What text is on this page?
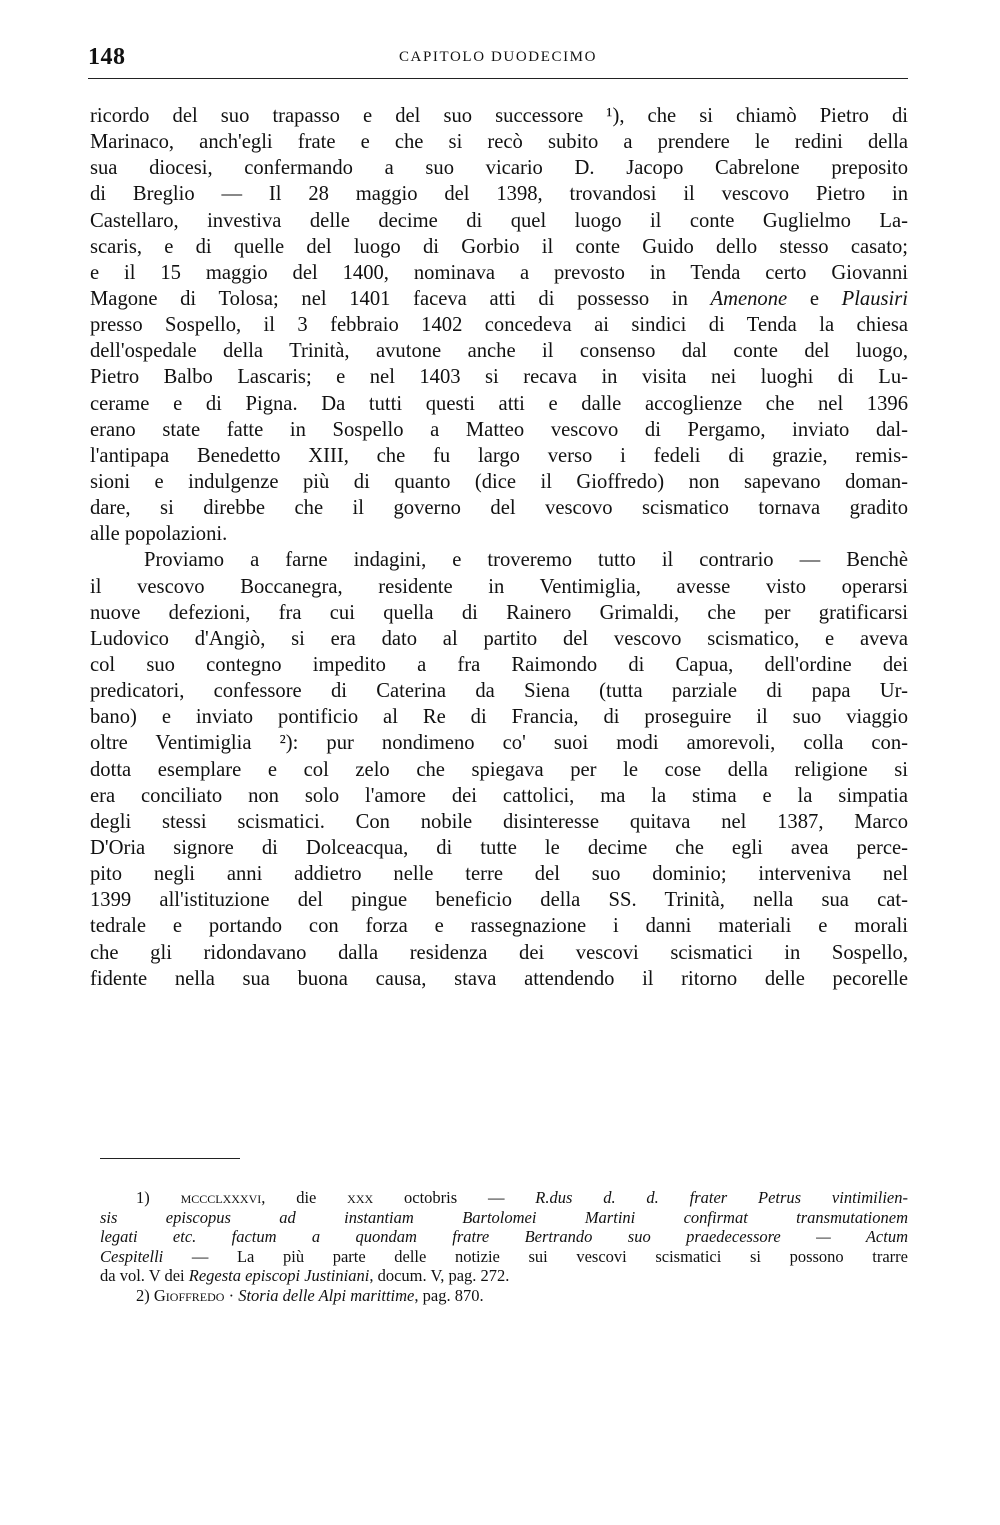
148	CAPITOLO DUODECIMO
ricordo del suo trapasso e del suo successore ¹), che si chiamò Pietro di
Marinaco, anch'egli frate e che si recò subito a prendere le redini della
sua diocesi, confermando a suo vicario D. Jacopo Cabrelone preposito
di Breglio — Il 28 maggio del 1398, trovandosi il vescovo Pietro in
Castellaro, investiva delle decime di quel luogo il conte Guglielmo La-
scaris, e di quelle del luogo di Gorbio il conte Guido dello stesso casato;
e il 15 maggio del 1400, nominava a prevosto in Tenda certo Giovanni
Magone di Tolosa; nel 1401 faceva atti di possesso in Amenone e Plausiri
presso Sospello, il 3 febbraio 1402 concedeva ai sindici di Tenda la chiesa
dell'ospedale della Trinità, avutone anche il consenso dal conte del luogo,
Pietro Balbo Lascaris; e nel 1403 si recava in visita nei luoghi di Lu-
cerame e di Pigna. Da tutti questi atti e dalle accoglienze che nel 1396
erano state fatte in Sospello a Matteo vescovo di Pergamo, inviato dal-
l'antipapa Benedetto XIII, che fu largo verso i fedeli di grazie, remis-
sioni e indulgenze più di quanto (dice il Gioffredo) non sapevano doman-
dare, si direbbe che il governo del vescovo scismatico tornava gradito
alle popolazioni.
Proviamo a farne indagini, e troveremo tutto il contrario — Benchè
il vescovo Boccanegra, residente in Ventimiglia, avesse visto operarsi
nuove defezioni, fra cui quella di Rainero Grimaldi, che per gratificarsi
Ludovico d'Angiò, si era dato al partito del vescovo scismatico, e aveva
col suo contegno impedito a fra Raimondo di Capua, dell'ordine dei
predicatori, confessore di Caterina da Siena (tutta parziale di papa Ur-
bano) e inviato pontificio al Re di Francia, di proseguire il suo viaggio
oltre Ventimiglia ²): pur nondimeno co' suoi modi amorevoli, colla con-
dotta esemplare e col zelo che spiegava per le cose della religione si
era conciliato non solo l'amore dei cattolici, ma la stima e la simpatia
degli stessi scismatici. Con nobile disinteresse quitava nel 1387, Marco
D'Oria signore di Dolceacqua, di tutte le decime che egli avea perce-
pito negli anni addietro nelle terre del suo dominio; interveniva nel
1399 all'istituzione del pingue beneficio della SS. Trinità, nella sua cat-
tedrale e portando con forza e rassegnazione i danni materiali e morali
che gli ridondavano dalla residenza dei vescovi scismatici in Sospello,
fidente nella sua buona causa, stava attendendo il ritorno delle pecorelle
1) mccclxxxvi, die xxx octobris — R.dus d. d. frater Petrus vintimilien-
sis episcopus ad instantiam Bartolomei Martini confirmat transmutationem
legati etc. factum a quondam fratre Bertrando suo praedecessore — Actum
Cespitelli — La più parte delle notizie sui vescovi scismatici si possono trarre
da vol. V dei Regesta episcopi Justiniani, docum. V, pag. 272.
2) Gioffredo · Storia delle Alpi marittime, pag. 870.
